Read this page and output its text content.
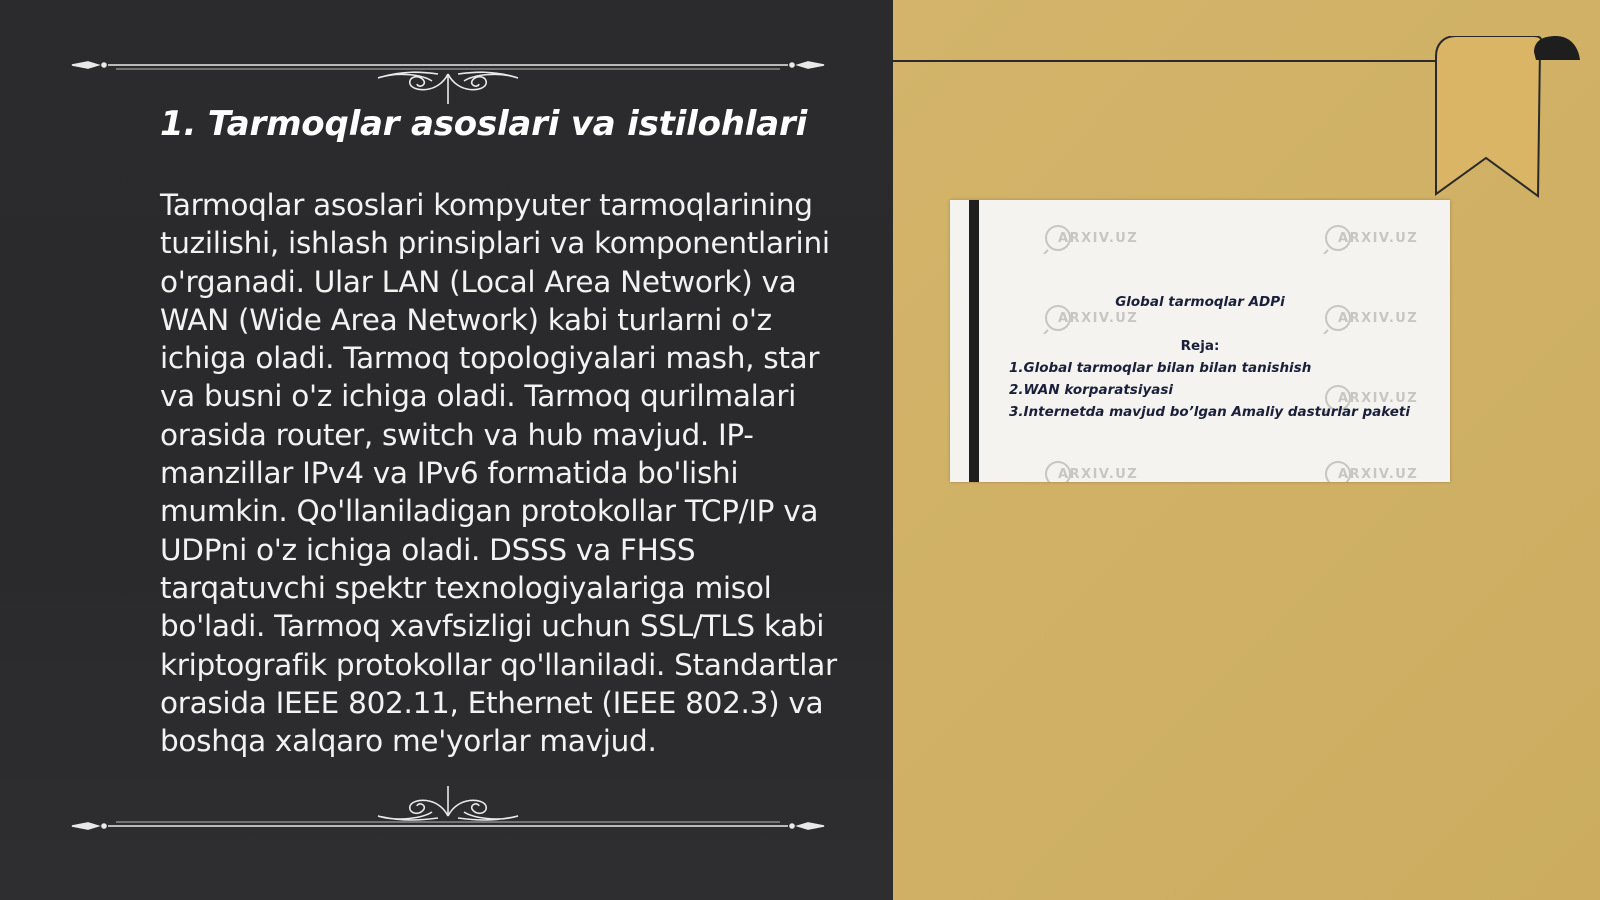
1. Tarmoqlar asoslari va istilohlari

Tarmoqlar asoslari kompyuter tarmoqlarining tuzilishi, ishlash prinsiplari va komponentlarini o'rganadi. Ular LAN (Local Area Network) va WAN (Wide Area Network) kabi turlarni o'z ichiga oladi. Tarmoq topologiyalari mash, star va busni o'z ichiga oladi. Tarmoq qurilmalari orasida router, switch va hub mavjud. IP-manzillar IPv4 va IPv6 formatida bo'lishi mumkin. Qo'llaniladigan protokollar TCP/IP va UDPni o'z ichiga oladi. DSSS va FHSS tarqatuvchi spektr texnologiyalariga misol bo'ladi. Tarmoq xavfsizligi uchun SSL/TLS kabi kriptografik protokollar qo'llaniladi. Standartlar orasida IEEE 802.11, Ethernet (IEEE 802.3) va boshqa xalqaro me'yorlar mavjud.

ARXIV.UZ	ARXIV.UZ
ARXIV.UZ	ARXIV.UZ
ARXIV.UZ
ARXIV.UZ	ARXIV.UZ
Global tarmoqlar ADPi
Reja:
1.Global tarmoqlar bilan bilan tanishish
2.WAN korparatsiyasi
3.Internetda mavjud bo’lgan Amaliy dasturlar paketi
